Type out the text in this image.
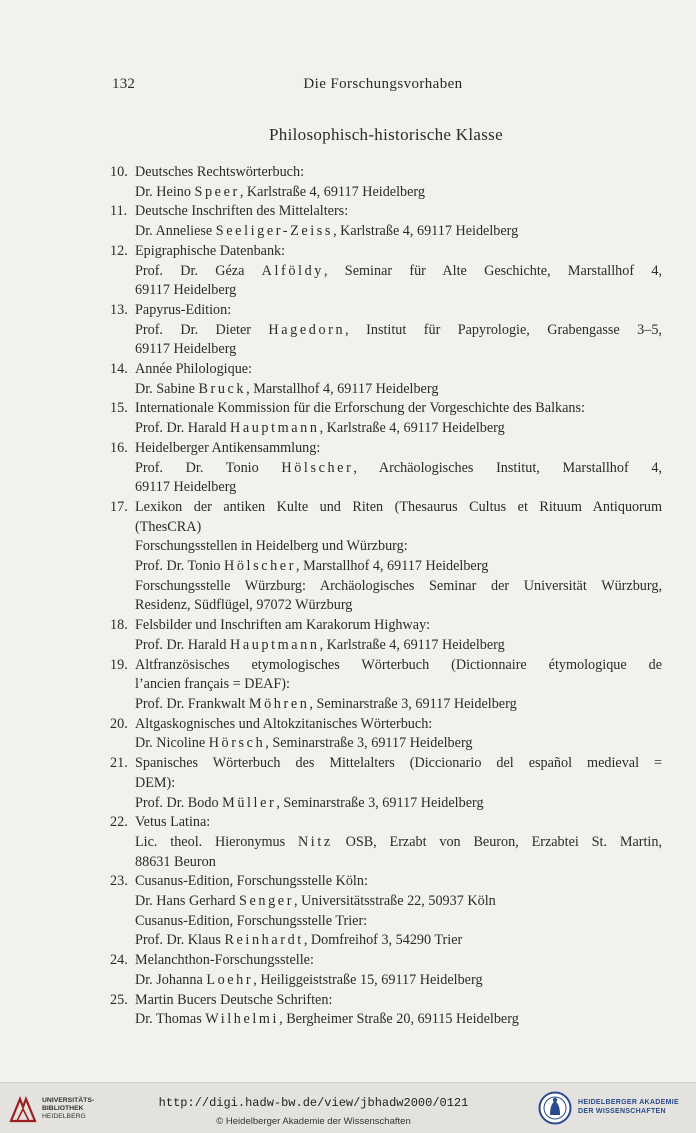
132	Die Forschungsvorhaben
Philosophisch-historische Klasse
10. Deutsches Rechtswörterbuch:
Dr. Heino Speer, Karlstraße 4, 69117 Heidelberg
11. Deutsche Inschriften des Mittelalters:
Dr. Anneliese Seeliger-Zeiss, Karlstraße 4, 69117 Heidelberg
12. Epigraphische Datenbank:
Prof. Dr. Géza Alföldy, Seminar für Alte Geschichte, Marstallhof 4,
69117 Heidelberg
13. Papyrus-Edition:
Prof. Dr. Dieter Hagedorn, Institut für Papyrologie, Grabengasse 3–5,
69117 Heidelberg
14. Année Philologique:
Dr. Sabine Bruck, Marstallhof 4, 69117 Heidelberg
15. Internationale Kommission für die Erforschung der Vorgeschichte des Balkans:
Prof. Dr. Harald Hauptmann, Karlstraße 4, 69117 Heidelberg
16. Heidelberger Antikensammlung:
Prof. Dr. Tonio Hölscher, Archäologisches Institut, Marstallhof 4,
69117 Heidelberg
17. Lexikon der antiken Kulte und Riten (Thesaurus Cultus et Rituum Antiquorum
(ThesCRA)
Forschungsstellen in Heidelberg und Würzburg:
Prof. Dr. Tonio Hölscher, Marstallhof 4, 69117 Heidelberg
Forschungsstelle Würzburg: Archäologisches Seminar der Universität Würzburg,
Residenz, Südflügel, 97072 Würzburg
18. Felsbilder und Inschriften am Karakorum Highway:
Prof. Dr. Harald Hauptmann, Karlstraße 4, 69117 Heidelberg
19. Altfranzösisches etymologisches Wörterbuch (Dictionnaire étymologique de
l’ancien français = DEAF):
Prof. Dr. Frankwalt Möhren, Seminarstraße 3, 69117 Heidelberg
20. Altgaskognisches und Altokzitanisches Wörterbuch:
Dr. Nicoline Hörsch, Seminarstraße 3, 69117 Heidelberg
21. Spanisches Wörterbuch des Mittelalters (Diccionario del español medieval =
DEM):
Prof. Dr. Bodo Müller, Seminarstraße 3, 69117 Heidelberg
22. Vetus Latina:
Lic. theol. Hieronymus Nitz OSB, Erzabt von Beuron, Erzabtei St. Martin,
88631 Beuron
23. Cusanus-Edition, Forschungsstelle Köln:
Dr. Hans Gerhard Senger, Universitätsstraße 22, 50937 Köln
Cusanus-Edition, Forschungsstelle Trier:
Prof. Dr. Klaus Reinhardt, Domfreihof 3, 54290 Trier
24. Melanchthon-Forschungsstelle:
Dr. Johanna Loehr, Heiliggeiststraße 15, 69117 Heidelberg
25. Martin Bucers Deutsche Schriften:
Dr. Thomas Wilhelmi, Bergheimer Straße 20, 69115 Heidelberg
UNIVERSITÄTS-
BIBLIOTHEK
HEIDELBERG
http://digi.hadw-bw.de/view/jbhadw2000/0121
© Heidelberger Akademie der Wissenschaften
HEIDELBERGER AKADEMIE
DER WISSENSCHAFTEN
